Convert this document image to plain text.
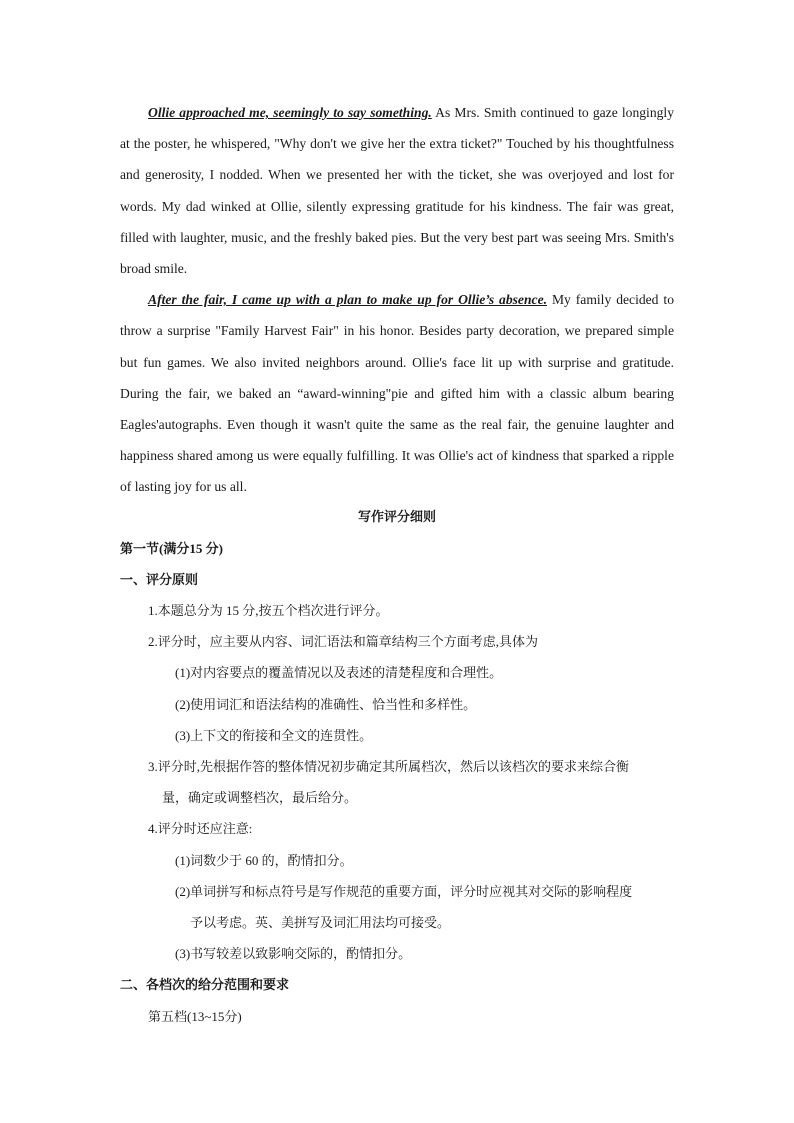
Ollie approached me, seemingly to say something. As Mrs. Smith continued to gaze longingly at the poster, he whispered, "Why don't we give her the extra ticket?" Touched by his thoughtfulness and generosity, I nodded. When we presented her with the ticket, she was overjoyed and lost for words. My dad winked at Ollie, silently expressing gratitude for his kindness. The fair was great, filled with laughter, music, and the freshly baked pies. But the very best part was seeing Mrs. Smith's broad smile.

After the fair, I came up with a plan to make up for Ollie’s absence. My family decided to throw a surprise "Family Harvest Fair" in his honor. Besides party decoration, we prepared simple but fun games. We also invited neighbors around. Ollie's face lit up with surprise and gratitude. During the fair, we baked an “award-winning"pie and gifted him with a classic album bearing Eagles'autographs. Even though it wasn't quite the same as the real fair, the genuine laughter and happiness shared among us were equally fulfilling. It was Ollie's act of kindness that sparked a ripple of lasting joy for us all.

写作评分细则
第一节(满分15 分)
一、评分原则
1.本题总分为 15 分,按五个档次进行评分。
2.评分时，应主要从内容、词汇语法和篇章结构三个方面考虑,具体为
(1)对内容要点的覆盖情况以及表述的清楚程度和合理性。
(2)使用词汇和语法结构的准确性、恰当性和多样性。
(3)上下文的衔接和全文的连贯性。
3.评分时,先根据作答的整体情况初步确定其所属档次，然后以该档次的要求来综合衡
量，确定或调整档次，最后给分。
4.评分时还应注意:
(1)词数少于 60 的，酌情扣分。
(2)单词拼写和标点符号是写作规范的重要方面，评分时应视其对交际的影响程度
予以考虑。英、美拼写及词汇用法均可接受。
(3)书写较差以致影响交际的，酌情扣分。
二、各档次的给分范围和要求
第五档(13~15分)
